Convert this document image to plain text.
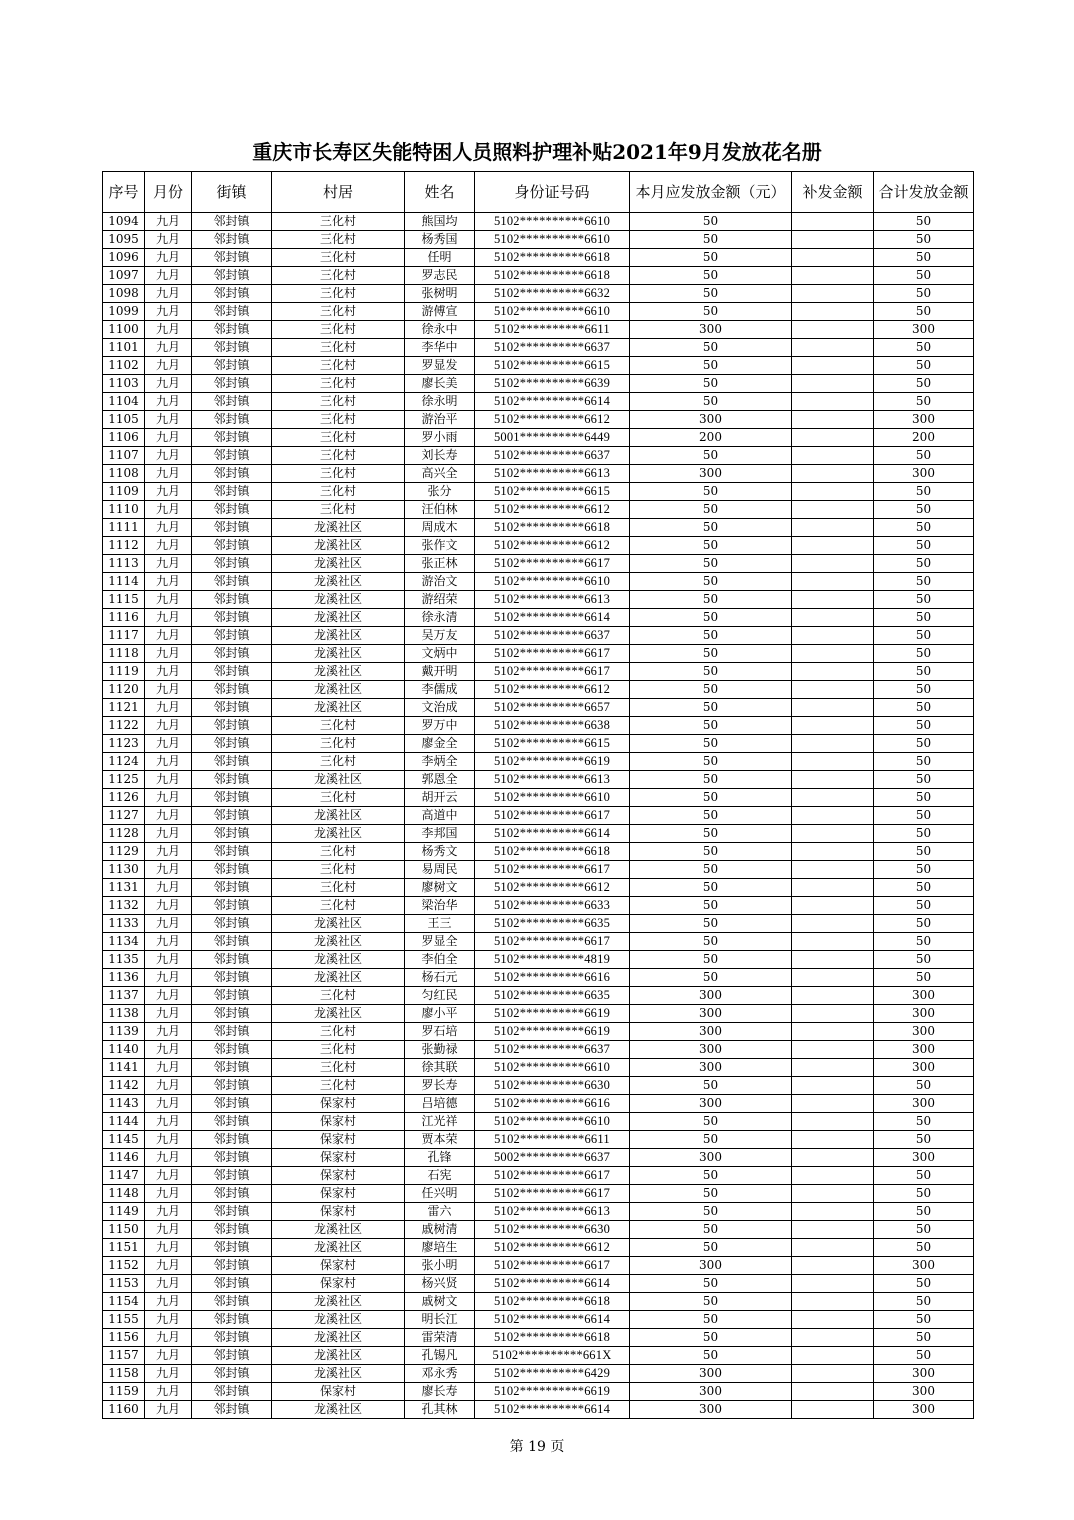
重庆市长寿区失能特困人员照料护理补贴2021年9月发放花名册
序号	月份	街镇	村居	姓名	身份证号码	本月应发放金额（元）	补发金额	合计发放金额
1094	九月	邻封镇	三化村	熊国均	5102**********6610	50		50
1095	九月	邻封镇	三化村	杨秀国	5102**********6610	50		50
1096	九月	邻封镇	三化村	任明	5102**********6618	50		50
1097	九月	邻封镇	三化村	罗志民	5102**********6618	50		50
1098	九月	邻封镇	三化村	张树明	5102**********6632	50		50
1099	九月	邻封镇	三化村	游傅宣	5102**********6610	50		50
1100	九月	邻封镇	三化村	徐永中	5102**********6611	300		300
1101	九月	邻封镇	三化村	李华中	5102**********6637	50		50
1102	九月	邻封镇	三化村	罗显发	5102**********6615	50		50
1103	九月	邻封镇	三化村	廖长美	5102**********6639	50		50
1104	九月	邻封镇	三化村	徐永明	5102**********6614	50		50
1105	九月	邻封镇	三化村	游治平	5102**********6612	300		300
1106	九月	邻封镇	三化村	罗小雨	5001**********6449	200		200
1107	九月	邻封镇	三化村	刘长寿	5102**********6637	50		50
1108	九月	邻封镇	三化村	高兴全	5102**********6613	300		300
1109	九月	邻封镇	三化村	张分	5102**********6615	50		50
1110	九月	邻封镇	三化村	汪伯林	5102**********6612	50		50
1111	九月	邻封镇	龙溪社区	周成木	5102**********6618	50		50
1112	九月	邻封镇	龙溪社区	张作文	5102**********6612	50		50
1113	九月	邻封镇	龙溪社区	张正林	5102**********6617	50		50
1114	九月	邻封镇	龙溪社区	游治文	5102**********6610	50		50
1115	九月	邻封镇	龙溪社区	游绍荣	5102**********6613	50		50
1116	九月	邻封镇	龙溪社区	徐永清	5102**********6614	50		50
1117	九月	邻封镇	龙溪社区	吴万友	5102**********6637	50		50
1118	九月	邻封镇	龙溪社区	文炳中	5102**********6617	50		50
1119	九月	邻封镇	龙溪社区	戴开明	5102**********6617	50		50
1120	九月	邻封镇	龙溪社区	李儒成	5102**********6612	50		50
1121	九月	邻封镇	龙溪社区	文治成	5102**********6657	50		50
1122	九月	邻封镇	三化村	罗万中	5102**********6638	50		50
1123	九月	邻封镇	三化村	廖金全	5102**********6615	50		50
1124	九月	邻封镇	三化村	李炳全	5102**********6619	50		50
1125	九月	邻封镇	龙溪社区	郭恩全	5102**********6613	50		50
1126	九月	邻封镇	三化村	胡开云	5102**********6610	50		50
1127	九月	邻封镇	龙溪社区	高道中	5102**********6617	50		50
1128	九月	邻封镇	龙溪社区	李邦国	5102**********6614	50		50
1129	九月	邻封镇	三化村	杨秀文	5102**********6618	50		50
1130	九月	邻封镇	三化村	易周民	5102**********6617	50		50
1131	九月	邻封镇	三化村	廖树文	5102**********6612	50		50
1132	九月	邻封镇	三化村	梁治华	5102**********6633	50		50
1133	九月	邻封镇	龙溪社区	王三	5102**********6635	50		50
1134	九月	邻封镇	龙溪社区	罗显全	5102**********6617	50		50
1135	九月	邻封镇	龙溪社区	李伯全	5102**********4819	50		50
1136	九月	邻封镇	龙溪社区	杨石元	5102**********6616	50		50
1137	九月	邻封镇	三化村	匀红民	5102**********6635	300		300
1138	九月	邻封镇	龙溪社区	廖小平	5102**********6619	300		300
1139	九月	邻封镇	三化村	罗石培	5102**********6619	300		300
1140	九月	邻封镇	三化村	张勤禄	5102**********6637	300		300
1141	九月	邻封镇	三化村	徐其联	5102**********6610	300		300
1142	九月	邻封镇	三化村	罗长寿	5102**********6630	50		50
1143	九月	邻封镇	保家村	吕培德	5102**********6616	300		300
1144	九月	邻封镇	保家村	江光祥	5102**********6610	50		50
1145	九月	邻封镇	保家村	贾本荣	5102**********6611	50		50
1146	九月	邻封镇	保家村	孔锋	5002**********6637	300		300
1147	九月	邻封镇	保家村	石宪	5102**********6617	50		50
1148	九月	邻封镇	保家村	任兴明	5102**********6617	50		50
1149	九月	邻封镇	保家村	雷六	5102**********6613	50		50
1150	九月	邻封镇	龙溪社区	戚树清	5102**********6630	50		50
1151	九月	邻封镇	龙溪社区	廖培生	5102**********6612	50		50
1152	九月	邻封镇	保家村	张小明	5102**********6617	300		300
1153	九月	邻封镇	保家村	杨兴贤	5102**********6614	50		50
1154	九月	邻封镇	龙溪社区	戚树文	5102**********6618	50		50
1155	九月	邻封镇	龙溪社区	明长江	5102**********6614	50		50
1156	九月	邻封镇	龙溪社区	雷荣清	5102**********6618	50		50
1157	九月	邻封镇	龙溪社区	孔锡凡	5102**********661X	50		50
1158	九月	邻封镇	龙溪社区	邓永秀	5102**********6429	300		300
1159	九月	邻封镇	保家村	廖长寿	5102**********6619	300		300
1160	九月	邻封镇	龙溪社区	孔其林	5102**********6614	300		300
第 19 页
